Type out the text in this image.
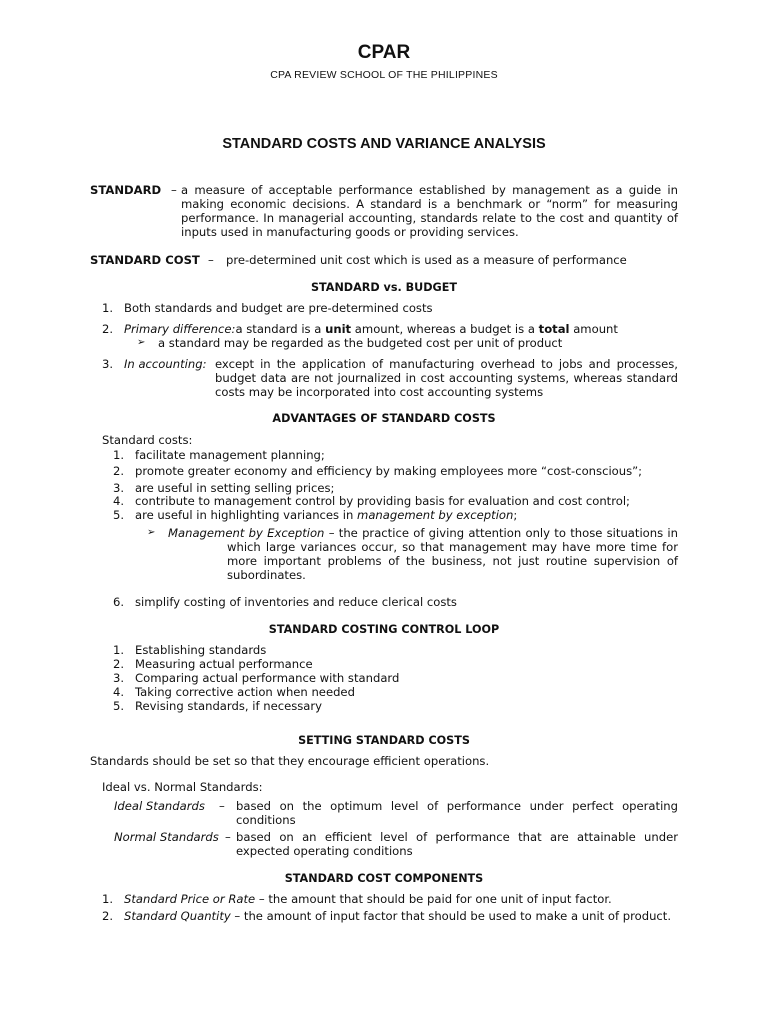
CPAR
CPA REVIEW SCHOOL OF THE PHILIPPINES
STANDARD COSTS AND VARIANCE ANALYSIS
STANDARD – a measure of acceptable performance established by management as a guide in
making economic decisions. A standard is a benchmark or “norm” for measuring
performance. In managerial accounting, standards relate to the cost and quantity of
inputs used in manufacturing goods or providing services.
STANDARD COST – pre-determined unit cost which is used as a measure of performance
STANDARD vs. BUDGET
1. Both standards and budget are pre-determined costs
2. Primary difference:a standard is a unit amount, whereas a budget is a total amount
➢ a standard may be regarded as the budgeted cost per unit of product
3. In accounting: except in the application of manufacturing overhead to jobs and processes,
budget data are not journalized in cost accounting systems, whereas standard
costs may be incorporated into cost accounting systems
ADVANTAGES OF STANDARD COSTS
Standard costs:
1. facilitate management planning;
2. promote greater economy and efficiency by making employees more “cost-conscious”;
3. are useful in setting selling prices;
4. contribute to management control by providing basis for evaluation and cost control;
5. are useful in highlighting variances in management by exception;
➢ Management by Exception – the practice of giving attention only to those situations in
which large variances occur, so that management may have more time for
more important problems of the business, not just routine supervision of
subordinates.
6. simplify costing of inventories and reduce clerical costs
STANDARD COSTING CONTROL LOOP
1. Establishing standards
2. Measuring actual performance
3. Comparing actual performance with standard
4. Taking corrective action when needed
5. Revising standards, if necessary
SETTING STANDARD COSTS
Standards should be set so that they encourage efficient operations.
Ideal vs. Normal Standards:
Ideal Standards – based on the optimum level of performance under perfect operating
conditions
Normal Standards – based on an efficient level of performance that are attainable under
expected operating conditions
STANDARD COST COMPONENTS
1. Standard Price or Rate – the amount that should be paid for one unit of input factor.
2. Standard Quantity – the amount of input factor that should be used to make a unit of product.
